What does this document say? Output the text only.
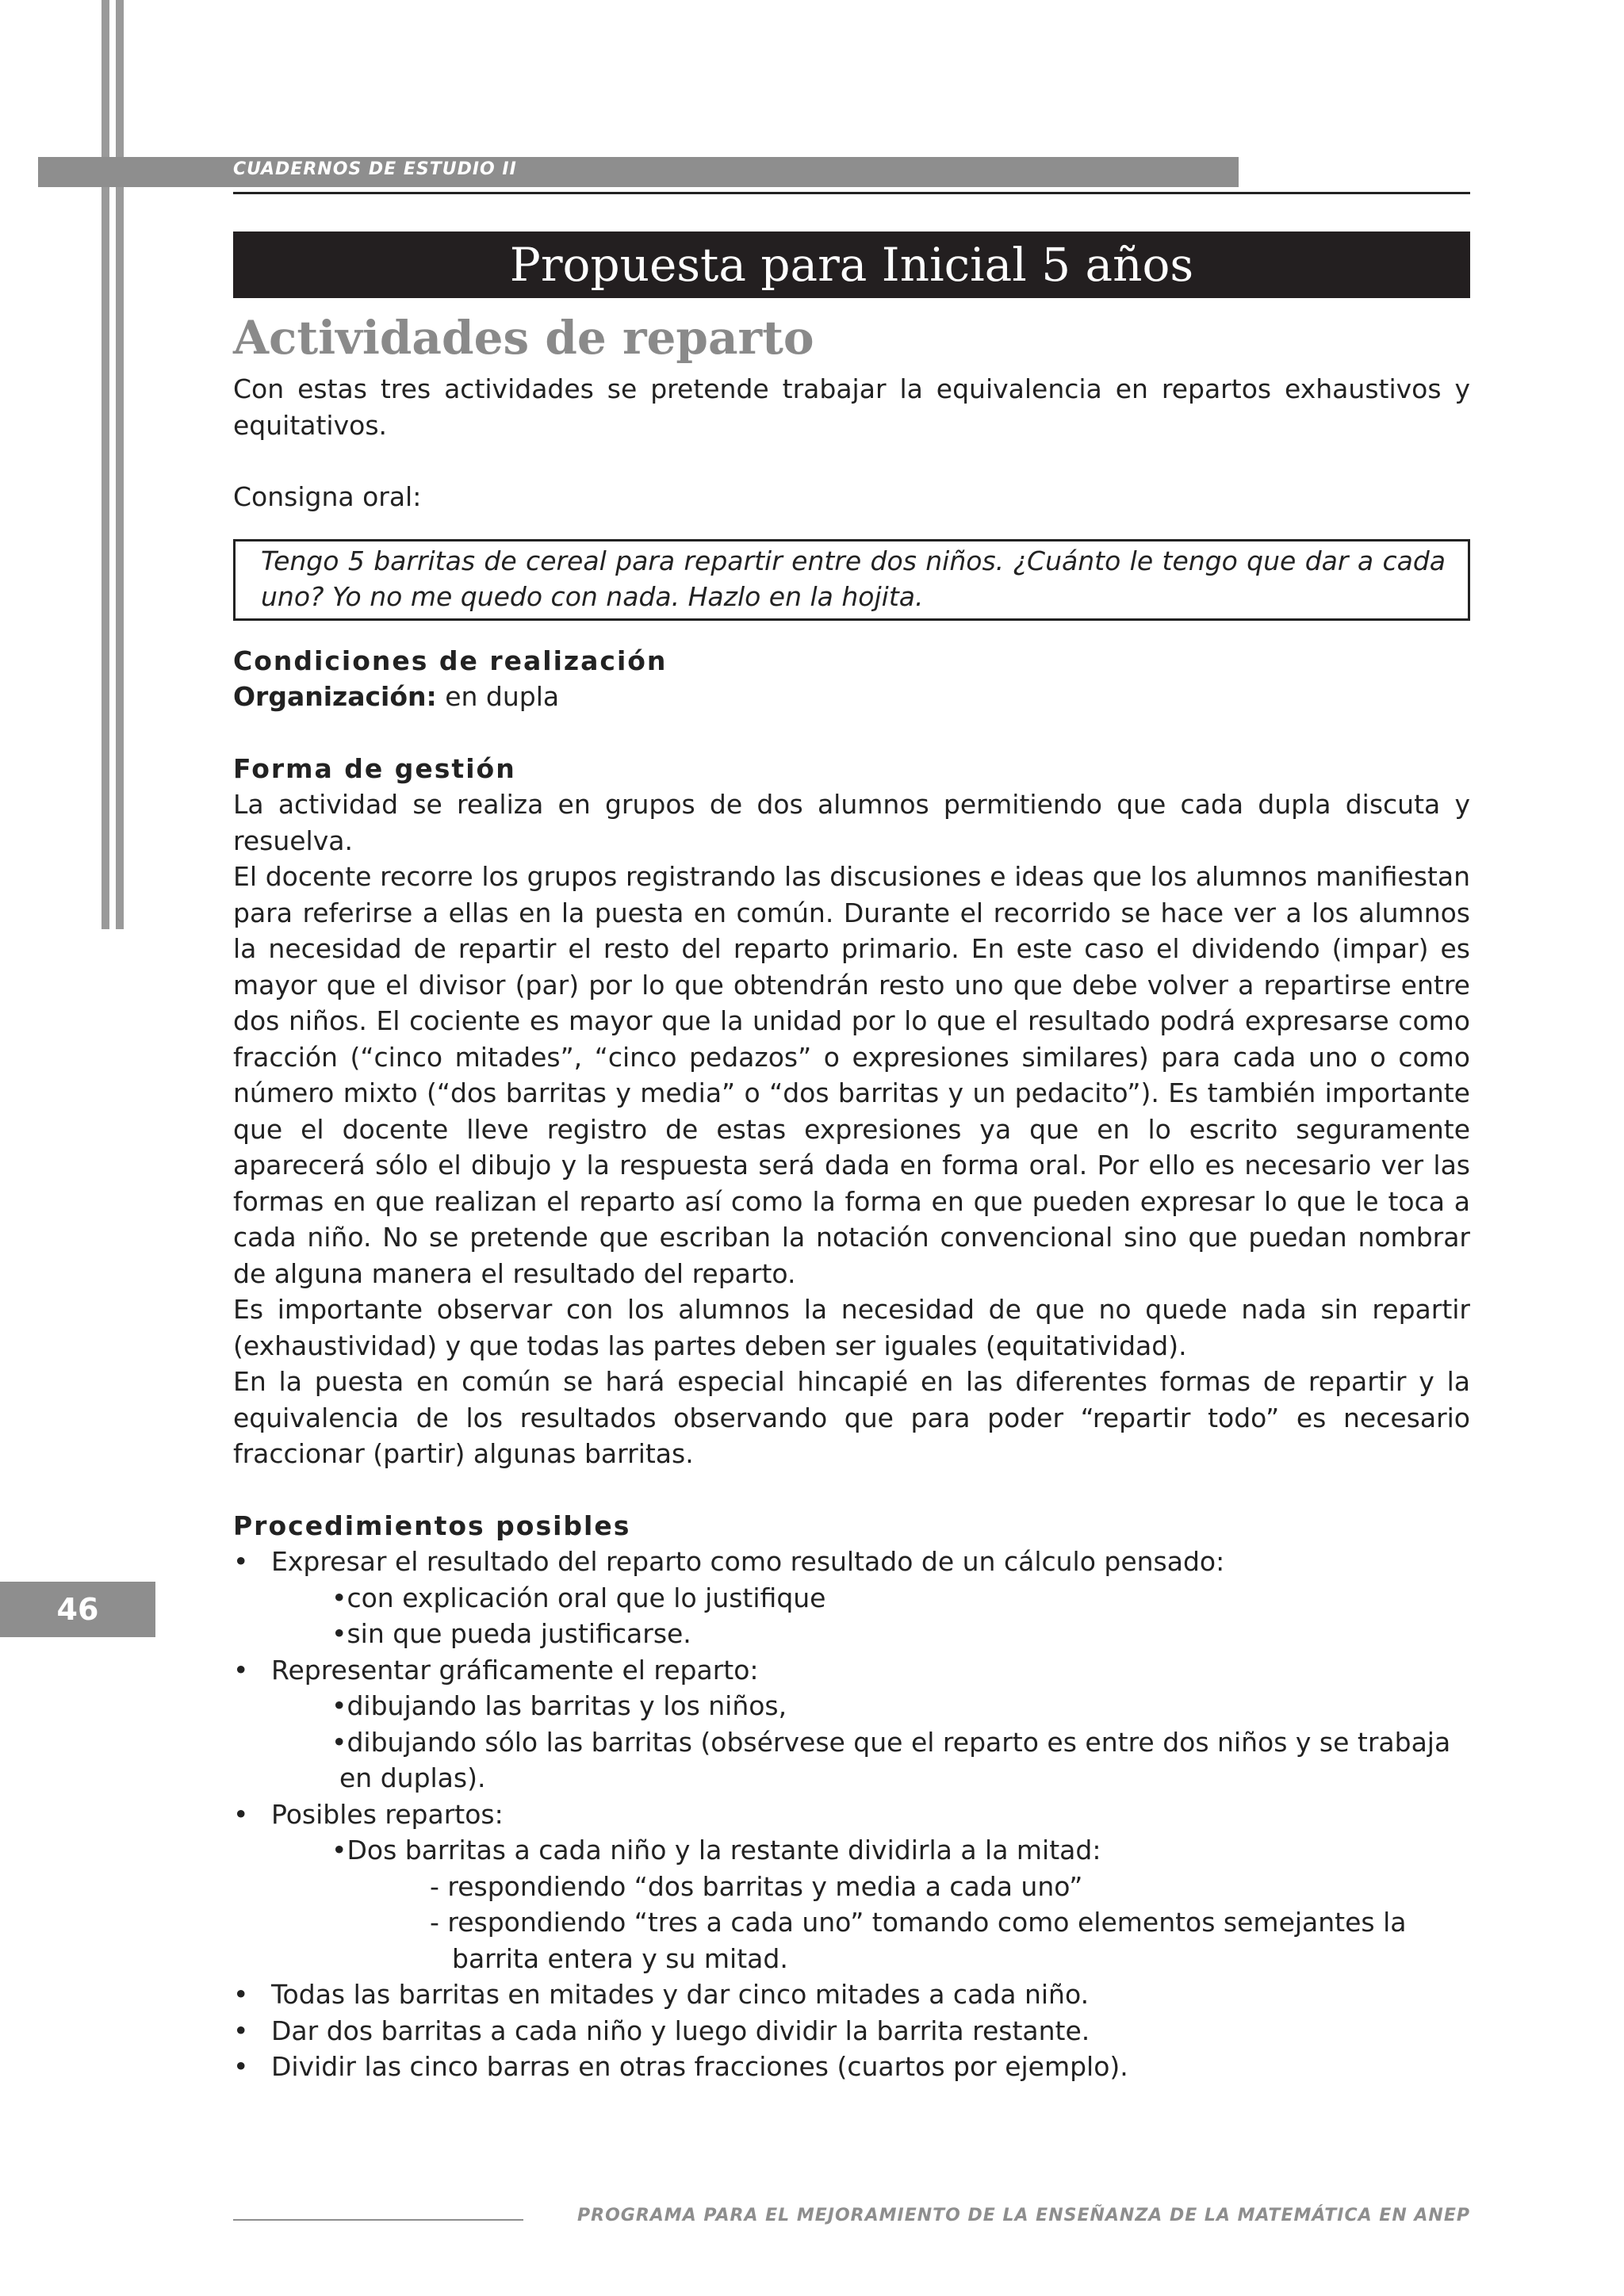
CUADERNOS DE ESTUDIO II
Propuesta para Inicial 5 años
Actividades de reparto

Con estas tres actividades se pretende trabajar la equivalencia en repartos exhaustivos y equitativos.

Consigna oral:

Tengo 5 barritas de cereal para repartir entre dos niños. ¿Cuánto le tengo que dar a cada uno? Yo no me quedo con nada. Hazlo en la hojita.

Condiciones de realización

Organización: en dupla

Forma de gestión

La actividad se realiza en grupos de dos alumnos permitiendo que cada dupla discuta y resuelva.

El docente recorre los grupos registrando las discusiones e ideas que los alumnos manifiestan para referirse a ellas en la puesta en común. Durante el recorrido se hace ver a los alumnos la necesidad de repartir el resto del reparto primario. En este caso el dividendo (impar) es mayor que el divisor (par) por lo que obtendrán resto uno que debe volver a repartirse entre dos niños. El cociente es mayor que la unidad por lo que el resultado podrá expresarse como fracción (“cinco mitades”, “cinco pedazos” o expresiones similares) para cada uno o como número mixto (“dos barritas y media” o “dos barritas y un pedacito”). Es también importante que el docente lleve registro de estas expresiones ya que en lo escrito seguramente aparecerá sólo el dibujo y la respuesta será dada en forma oral. Por ello es necesario ver las formas en que realizan el reparto así como la forma en que pueden expresar lo que le toca a cada niño. No se pretende que escriban la notación convencional sino que puedan nombrar de alguna manera el resultado del reparto.

Es importante observar con los alumnos la necesidad de que no quede nada sin repartir (exhaustividad) y que todas las partes deben ser iguales (equitatividad).

En la puesta en común se hará especial hincapié en las diferentes formas de repartir y la equivalencia de los resultados observando que para poder “repartir todo” es necesario fraccionar (partir) algunas barritas.

Procedimientos posibles

• Expresar el resultado del reparto como resultado de un cálculo pensado:
•con explicación oral que lo justifique
•sin que pueda justificarse.
• Representar gráficamente el reparto:
•dibujando las barritas y los niños,
•dibujando sólo las barritas (obsérvese que el reparto es entre dos niños y se trabaja
en duplas).
• Posibles repartos:
•Dos barritas a cada niño y la restante dividirla a la mitad:
- respondiendo “dos barritas y media a cada uno”
- respondiendo “tres a cada uno” tomando como elementos semejantes la
barrita entera y su mitad.
• Todas las barritas en mitades y dar cinco mitades a cada niño.
• Dar dos barritas a cada niño y luego dividir la barrita restante.
• Dividir las cinco barras en otras fracciones (cuartos por ejemplo).
46
PROGRAMA PARA EL MEJORAMIENTO DE LA ENSEÑANZA DE LA MATEMÁTICA EN ANEP
